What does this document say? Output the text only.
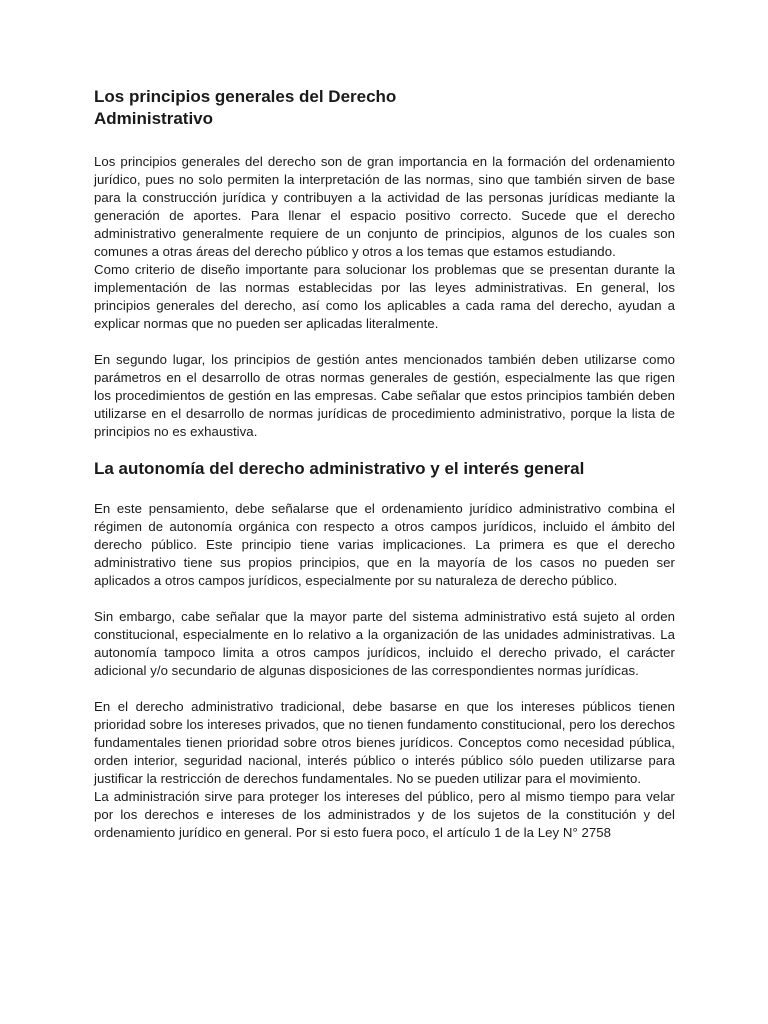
Los principios generales del Derecho
Administrativo

Los principios generales del derecho son de gran importancia en la formación del ordenamiento jurídico, pues no solo permiten la interpretación de las normas, sino que también sirven de base para la construcción jurídica y contribuyen a la actividad de las personas jurídicas mediante la generación de aportes. Para llenar el espacio positivo correcto. Sucede que el derecho administrativo generalmente requiere de un conjunto de principios, algunos de los cuales son comunes a otras áreas del derecho público y otros a los temas que estamos estudiando.

Como criterio de diseño importante para solucionar los problemas que se presentan durante la implementación de las normas establecidas por las leyes administrativas. En general, los principios generales del derecho, así como los aplicables a cada rama del derecho, ayudan a explicar normas que no pueden ser aplicadas literalmente.

En segundo lugar, los principios de gestión antes mencionados también deben utilizarse como parámetros en el desarrollo de otras normas generales de gestión, especialmente las que rigen los procedimientos de gestión en las empresas. Cabe señalar que estos principios también deben utilizarse en el desarrollo de normas jurídicas de procedimiento administrativo, porque la lista de principios no es exhaustiva.

La autonomía del derecho administrativo y el interés general

En este pensamiento, debe señalarse que el ordenamiento jurídico administrativo combina el régimen de autonomía orgánica con respecto a otros campos jurídicos, incluido el ámbito del derecho público. Este principio tiene varias implicaciones. La primera es que el derecho administrativo tiene sus propios principios, que en la mayoría de los casos no pueden ser aplicados a otros campos jurídicos, especialmente por su naturaleza de derecho público.

Sin embargo, cabe señalar que la mayor parte del sistema administrativo está sujeto al orden constitucional, especialmente en lo relativo a la organización de las unidades administrativas. La autonomía tampoco limita a otros campos jurídicos, incluido el derecho privado, el carácter adicional y/o secundario de algunas disposiciones de las correspondientes normas jurídicas.

En el derecho administrativo tradicional, debe basarse en que los intereses públicos tienen prioridad sobre los intereses privados, que no tienen fundamento constitucional, pero los derechos fundamentales tienen prioridad sobre otros bienes jurídicos. Conceptos como necesidad pública, orden interior, seguridad nacional, interés público o interés público sólo pueden utilizarse para justificar la restricción de derechos fundamentales. No se pueden utilizar para el movimiento.

La administración sirve para proteger los intereses del público, pero al mismo tiempo para velar por los derechos e intereses de los administrados y de los sujetos de la constitución y del ordenamiento jurídico en general. Por si esto fuera poco, el artículo 1 de la Ley N° 2758
